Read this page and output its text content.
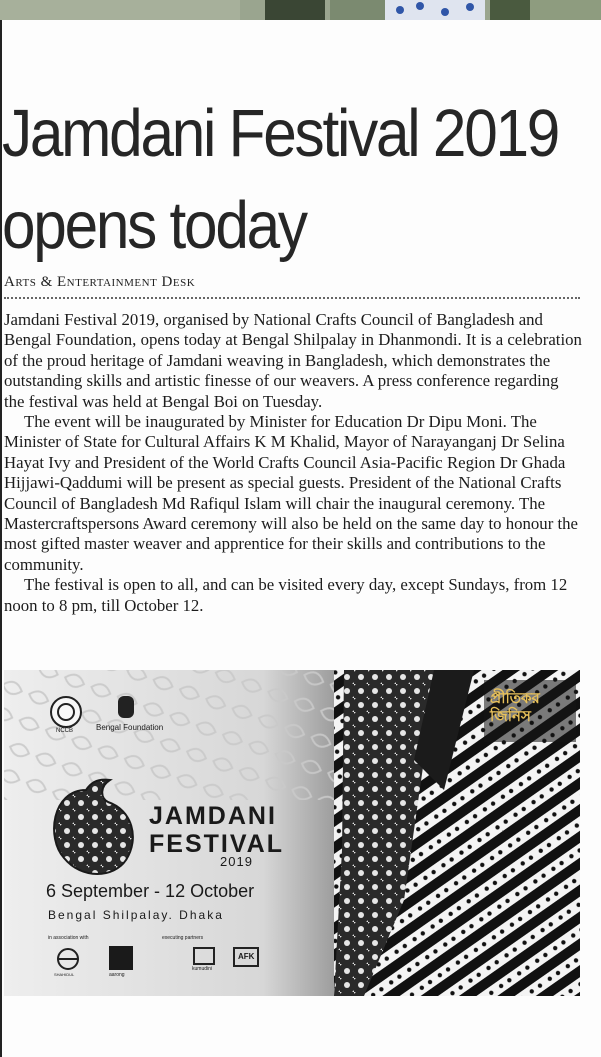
Jamdani Festival 2019
opens today
Arts & Entertainment Desk

Jamdani Festival 2019, organised by National Crafts Council of Bangladesh and Bengal Foundation, opens today at Bengal Shilpalay in Dhanmondi. It is a celebration of the proud heritage of Jamdani weaving in Bangladesh, which demonstrates the outstanding skills and artistic finesse of our weavers. A press conference regarding the festival was held at Bengal Boi on Tuesday.

The event will be inaugurated by Minister for Education Dr Dipu Moni. The Minister of State for Cultural Affairs K M Khalid, Mayor of Narayanganj Dr Selina Hayat Ivy and President of the World Crafts Council Asia-Pacific Region Dr Ghada Hijjawi-Qaddumi will be present as special guests. President of the National Crafts Council of Bangladesh Md Rafiqul Islam will chair the inaugural ceremony. The Mastercraftspersons Award ceremony will also be held on the same day to honour the most gifted master weaver and apprentice for their skills and contributions to the community.

The festival is open to all, and can be visited every day, except Sundays, from 12 noon to 8 pm, till October 12.

NCCB	Bengal Foundation
প্রীতিকর জিনিস
JAMDANI
FESTIVAL
2019
6 September - 12 October
Bengal Shilpalay. Dhaka
in association with	executing partners
SHAHIDUL	aarong
kumudini
AFK
